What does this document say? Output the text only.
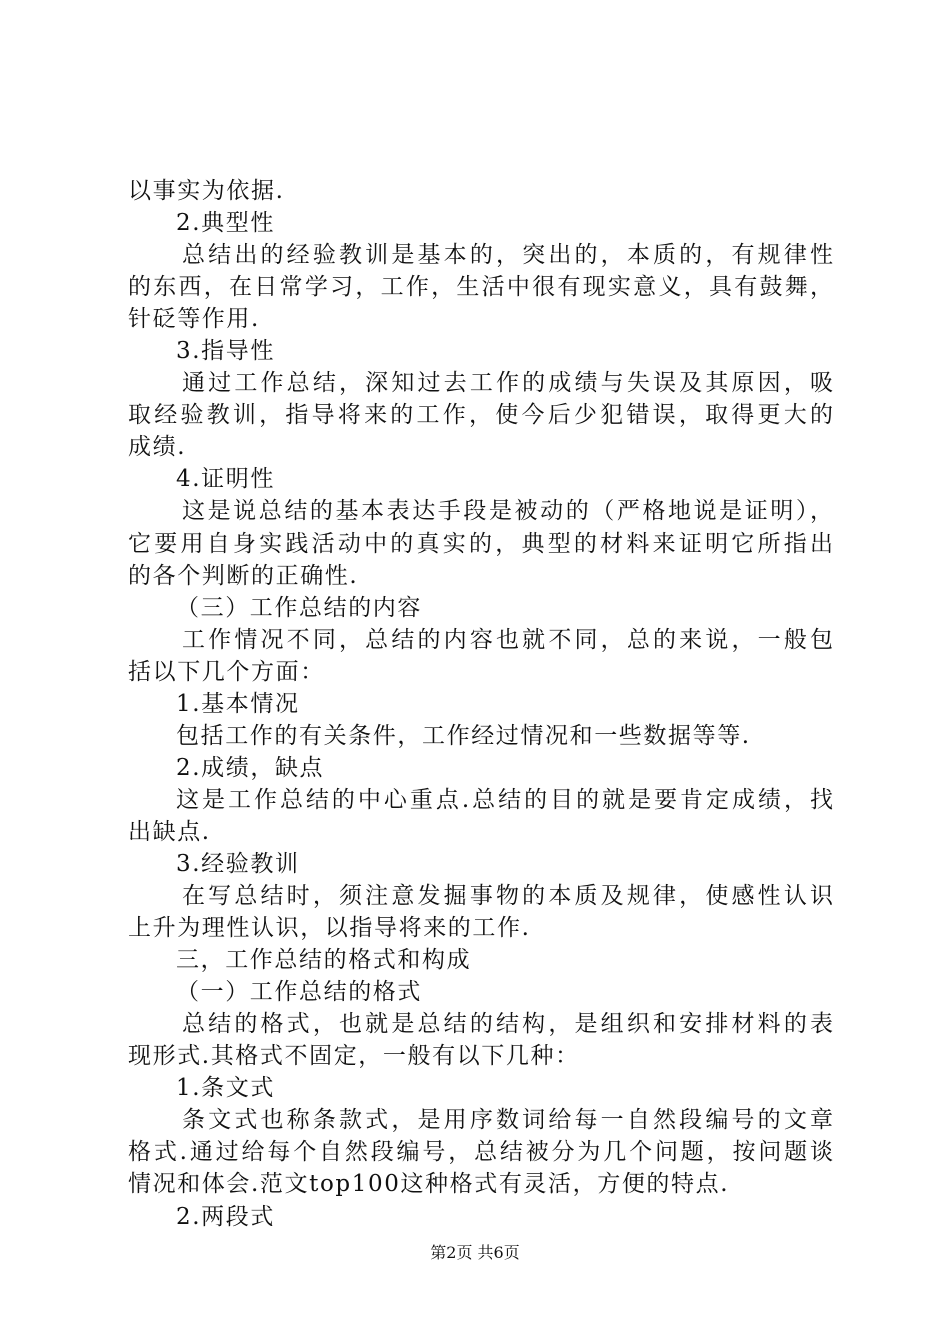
以事实为依据.
2.典型性
总结出的经验教训是基本的，突出的，本质的，有规律性
的东西，在日常学习，工作，生活中很有现实意义，具有鼓舞，
针砭等作用.
3.指导性
通过工作总结，深知过去工作的成绩与失误及其原因，吸
取经验教训，指导将来的工作，使今后少犯错误，取得更大的
成绩.
4.证明性
这是说总结的基本表达手段是被动的（严格地说是证明），
它要用自身实践活动中的真实的，典型的材料来证明它所指出
的各个判断的正确性.
（三）工作总结的内容
工作情况不同，总结的内容也就不同，总的来说，一般包
括以下几个方面：
1.基本情况
包括工作的有关条件，工作经过情况和一些数据等等.
2.成绩，缺点
这是工作总结的中心重点.总结的目的就是要肯定成绩，找
出缺点.
3.经验教训
在写总结时，须注意发掘事物的本质及规律，使感性认识
上升为理性认识，以指导将来的工作.
三，工作总结的格式和构成
（一）工作总结的格式
总结的格式，也就是总结的结构，是组织和安排材料的表
现形式.其格式不固定，一般有以下几种：
1.条文式
条文式也称条款式，是用序数词给每一自然段编号的文章
格式.通过给每个自然段编号，总结被分为几个问题，按问题谈
情况和体会.范文top100这种格式有灵活，方便的特点.
2.两段式
第2页 共6页
